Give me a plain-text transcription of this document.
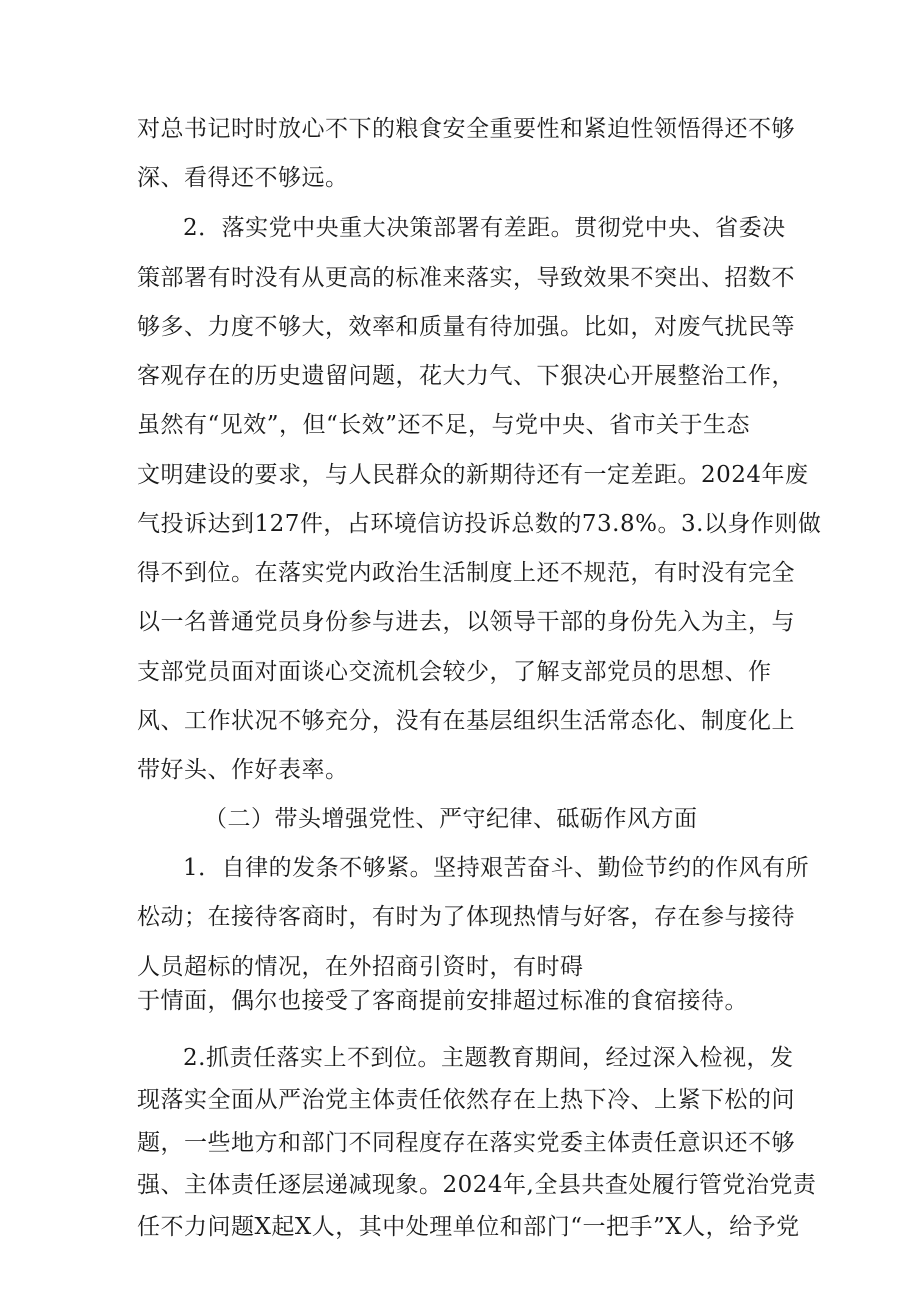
对总书记时时放心不下的粮食安全重要性和紧迫性领悟得还不够
深、看得还不够远。
2．落实党中央重大决策部署有差距。贯彻党中央、省委决
策部署有时没有从更高的标准来落实，导致效果不突出、招数不
够多、力度不够大，效率和质量有待加强。比如，对废气扰民等
客观存在的历史遗留问题，花大力气、下狠决心开展整治工作，
虽然有“见效”，但“长效”还不足，与党中央、省市关于生态
文明建设的要求，与人民群众的新期待还有一定差距。2024年废
气投诉达到127件，占环境信访投诉总数的73.8%。3.以身作则做
得不到位。在落实党内政治生活制度上还不规范，有时没有完全
以一名普通党员身份参与进去，以领导干部的身份先入为主，与
支部党员面对面谈心交流机会较少，了解支部党员的思想、作
风、工作状况不够充分，没有在基层组织生活常态化、制度化上
带好头、作好表率。
（二）带头增强党性、严守纪律、砥砺作风方面
1．自律的发条不够紧。坚持艰苦奋斗、勤俭节约的作风有所
松动；在接待客商时，有时为了体现热情与好客，存在参与接待
人员超标的情况，在外招商引资时，有时碍
于情面，偶尔也接受了客商提前安排超过标准的食宿接待。
2.抓责任落实上不到位。主题教育期间，经过深入检视，发
现落实全面从严治党主体责任依然存在上热下冷、上紧下松的问
题，一些地方和部门不同程度存在落实党委主体责任意识还不够
强、主体责任逐层递减现象。2024年,全县共查处履行管党治党责
任不力问题X起X人，其中处理单位和部门“一把手”X人，给予党
